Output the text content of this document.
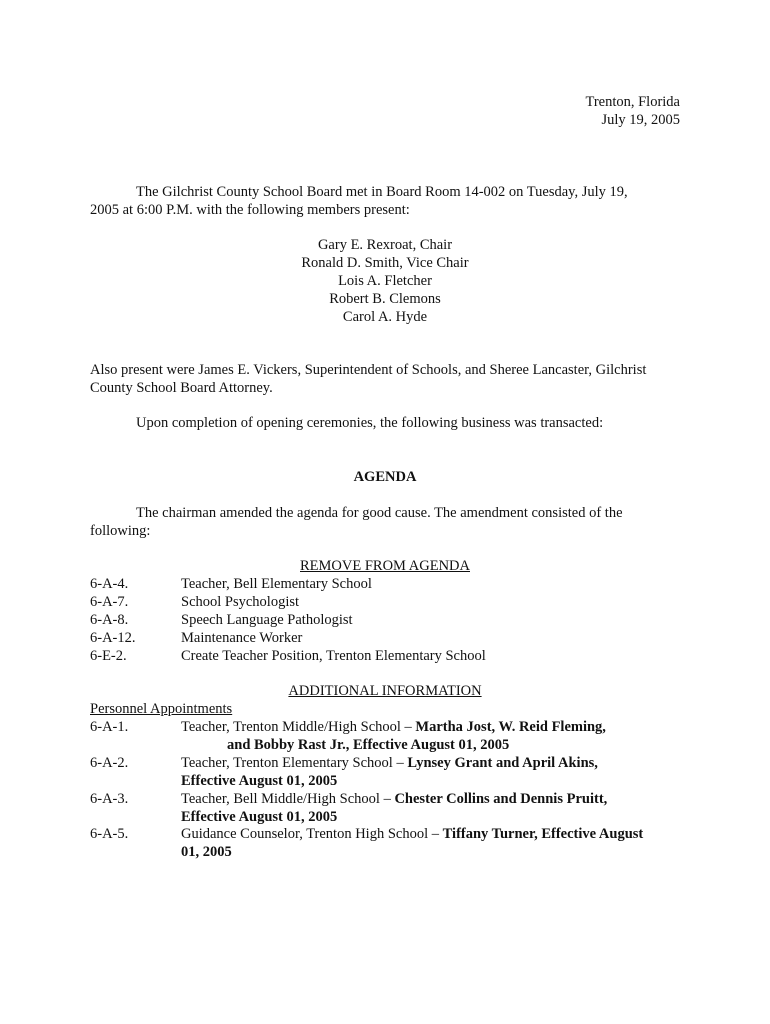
Trenton, Florida
July 19, 2005
The Gilchrist County School Board met in Board Room 14-002 on Tuesday, July 19,
2005 at 6:00 P.M. with the following members present:
Gary E. Rexroat, Chair
Ronald D. Smith, Vice Chair
Lois A. Fletcher
Robert B. Clemons
Carol A. Hyde
Also present were James E. Vickers, Superintendent of Schools, and Sheree Lancaster, Gilchrist
County School Board Attorney.
Upon completion of opening ceremonies, the following business was transacted:
AGENDA
The chairman amended the agenda for good cause. The amendment consisted of the
following:
REMOVE FROM AGENDA
6-A-4.	Teacher, Bell Elementary School
6-A-7.	School Psychologist
6-A-8.	Speech Language Pathologist
6-A-12.	Maintenance Worker
6-E-2.	Create Teacher Position, Trenton Elementary School
ADDITIONAL INFORMATION
Personnel Appointments
6-A-1.	Teacher, Trenton Middle/High School – Martha Jost, W. Reid Fleming,
and Bobby Rast Jr., Effective August 01, 2005
6-A-2.	Teacher, Trenton Elementary School – Lynsey Grant and April Akins,
Effective August 01, 2005
6-A-3.	Teacher, Bell Middle/High School – Chester Collins and Dennis Pruitt,
Effective August 01, 2005
6-A-5.	Guidance Counselor, Trenton High School – Tiffany Turner, Effective August
01, 2005
